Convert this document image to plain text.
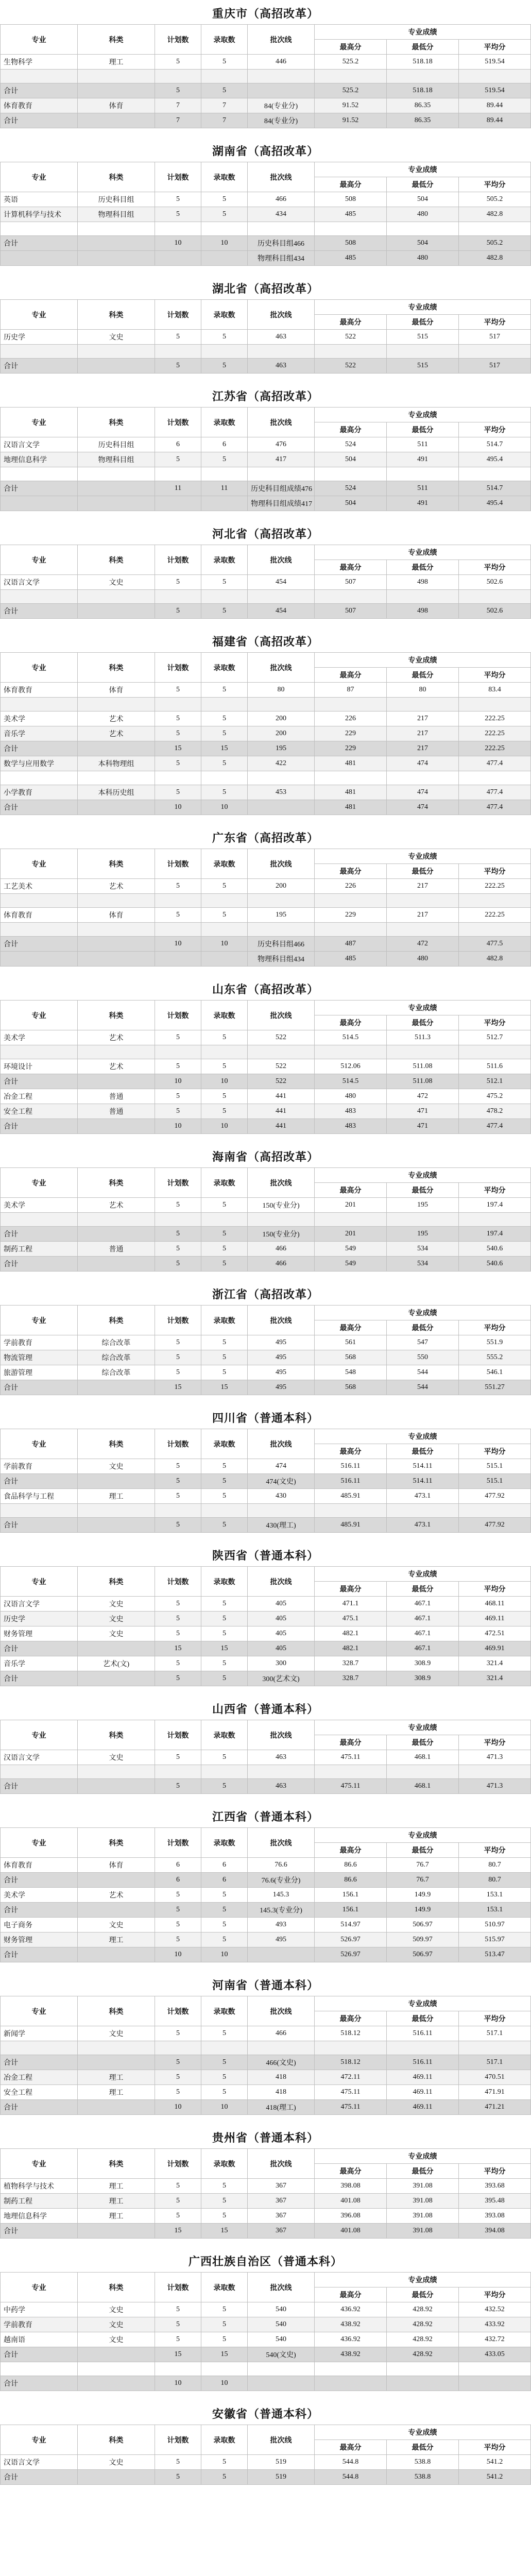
重庆市（高招改革）
专业	科类	计划数	录取数	批次线	专业成绩		
					最高分	最低分	平均分
生物科学	理工	5	5	446	525.2	518.18	519.54

合计		5	5		525.2	518.18	519.54
体育教育	体育	7	7	84(专业分)	91.52	86.35	89.44
合计		7	7	84(专业分)	91.52	86.35	89.44
湖南省（高招改革）
专业	科类	计划数	录取数	批次线	专业成绩		
					最高分	最低分	平均分
英语	历史科目组	5	5	466	508	504	505.2
计算机科学与技术	物理科目组	5	5	434	485	480	482.8

合计		10	10	历史科目组466	508	504	505.2
				物理科目组434	485	480	482.8
湖北省（高招改革）
专业	科类	计划数	录取数	批次线	专业成绩		
					最高分	最低分	平均分
历史学	文史	5	5	463	522	515	517

合计		5	5	463	522	515	517
江苏省（高招改革）
专业	科类	计划数	录取数	批次线	专业成绩		
					最高分	最低分	平均分
汉语言文学	历史科目组	6	6	476	524	511	514.7
地理信息科学	物理科目组	5	5	417	504	491	495.4

合计		11	11	历史科目组成绩476	524	511	514.7
				物理科目组成绩417	504	491	495.4
河北省（高招改革）
专业	科类	计划数	录取数	批次线	专业成绩		
					最高分	最低分	平均分
汉语言文学	文史	5	5	454	507	498	502.6

合计		5	5	454	507	498	502.6
福建省（高招改革）
专业	科类	计划数	录取数	批次线	专业成绩		
					最高分	最低分	平均分
体育教育	体育	5	5	80	87	80	83.4

美术学	艺术	5	5	200	226	217	222.25
音乐学	艺术	5	5	200	229	217	222.25
合计		15	15	195	229	217	222.25
数学与应用数学	本科物理组	5	5	422	481	474	477.4

小学教育	本科历史组	5	5	453	481	474	477.4
合计		10	10		481	474	477.4
广东省（高招改革）
专业	科类	计划数	录取数	批次线	专业成绩		
					最高分	最低分	平均分
工艺美术	艺术	5	5	200	226	217	222.25

体育教育	体育	5	5	195	229	217	222.25

合计		10	10	历史科目组466	487	472	477.5
				物理科目组434	485	480	482.8
山东省（高招改革）
专业	科类	计划数	录取数	批次线	专业成绩		
					最高分	最低分	平均分
美术学	艺术	5	5	522	514.5	511.3	512.7

环境设计	艺术	5	5	522	512.06	511.08	511.6
合计		10	10	522	514.5	511.08	512.1
冶金工程	普通	5	5	441	480	472	475.2
安全工程	普通	5	5	441	483	471	478.2
合计		10	10	441	483	471	477.4
海南省（高招改革）
专业	科类	计划数	录取数	批次线	专业成绩		
					最高分	最低分	平均分
美术学	艺术	5	5	150(专业分)	201	195	197.4

合计		5	5	150(专业分)	201	195	197.4
制药工程	普通	5	5	466	549	534	540.6
合计		5	5	466	549	534	540.6
浙江省（高招改革）
专业	科类	计划数	录取数	批次线	专业成绩		
					最高分	最低分	平均分
学前教育	综合改革	5	5	495	561	547	551.9
物流管理	综合改革	5	5	495	568	550	555.2
旅游管理	综合改革	5	5	495	548	544	546.1
合计		15	15	495	568	544	551.27
四川省（普通本科）
专业	科类	计划数	录取数	批次线	专业成绩		
					最高分	最低分	平均分
学前教育	文史	5	5	474	516.11	514.11	515.1
合计		5	5	474(文史)	516.11	514.11	515.1
食品科学与工程	理工	5	5	430	485.91	473.1	477.92

合计		5	5	430(理工)	485.91	473.1	477.92
陕西省（普通本科）
专业	科类	计划数	录取数	批次线	专业成绩		
					最高分	最低分	平均分
汉语言文学	文史	5	5	405	471.1	467.1	468.11
历史学	文史	5	5	405	475.1	467.1	469.11
财务管理	文史	5	5	405	482.1	467.1	472.51
合计		15	15	405	482.1	467.1	469.91
音乐学	艺术(文)	5	5	300	328.7	308.9	321.4
合计		5	5	300(艺术文)	328.7	308.9	321.4
山西省（普通本科）
专业	科类	计划数	录取数	批次线	专业成绩		
					最高分	最低分	平均分
汉语言文学	文史	5	5	463	475.11	468.1	471.3

合计		5	5	463	475.11	468.1	471.3
江西省（普通本科）
专业	科类	计划数	录取数	批次线	专业成绩		
					最高分	最低分	平均分
体育教育	体育	6	6	76.6	86.6	76.7	80.7
合计		6	6	76.6(专业分)	86.6	76.7	80.7
美术学	艺术	5	5	145.3	156.1	149.9	153.1
合计		5	5	145.3(专业分)	156.1	149.9	153.1
电子商务	文史	5	5	493	514.97	506.97	510.97
财务管理	理工	5	5	495	526.97	509.97	515.97
合计		10	10		526.97	506.97	513.47
河南省（普通本科）
专业	科类	计划数	录取数	批次线	专业成绩		
					最高分	最低分	平均分
新闻学	文史	5	5	466	518.12	516.11	517.1

合计		5	5	466(文史)	518.12	516.11	517.1
冶金工程	理工	5	5	418	472.11	469.11	470.51
安全工程	理工	5	5	418	475.11	469.11	471.91
合计		10	10	418(理工)	475.11	469.11	471.21
贵州省（普通本科）
专业	科类	计划数	录取数	批次线	专业成绩		
					最高分	最低分	平均分
植物科学与技术	理工	5	5	367	398.08	391.08	393.68
制药工程	理工	5	5	367	401.08	391.08	395.48
地理信息科学	理工	5	5	367	396.08	391.08	393.08
合计		15	15	367	401.08	391.08	394.08
广西壮族自治区（普通本科）
专业	科类	计划数	录取数	批次线	专业成绩		
					最高分	最低分	平均分
中药学	文史	5	5	540	436.92	428.92	432.52
学前教育	文史	5	5	540	438.92	428.92	433.92
越南语	文史	5	5	540	436.92	428.92	432.72
合计		15	15	540(文史)	438.92	428.92	433.05

合计		10	10				
安徽省（普通本科）
专业	科类	计划数	录取数	批次线	专业成绩		
					最高分	最低分	平均分
汉语言文学	文史	5	5	519	544.8	538.8	541.2
合计		5	5	519	544.8	538.8	541.2
